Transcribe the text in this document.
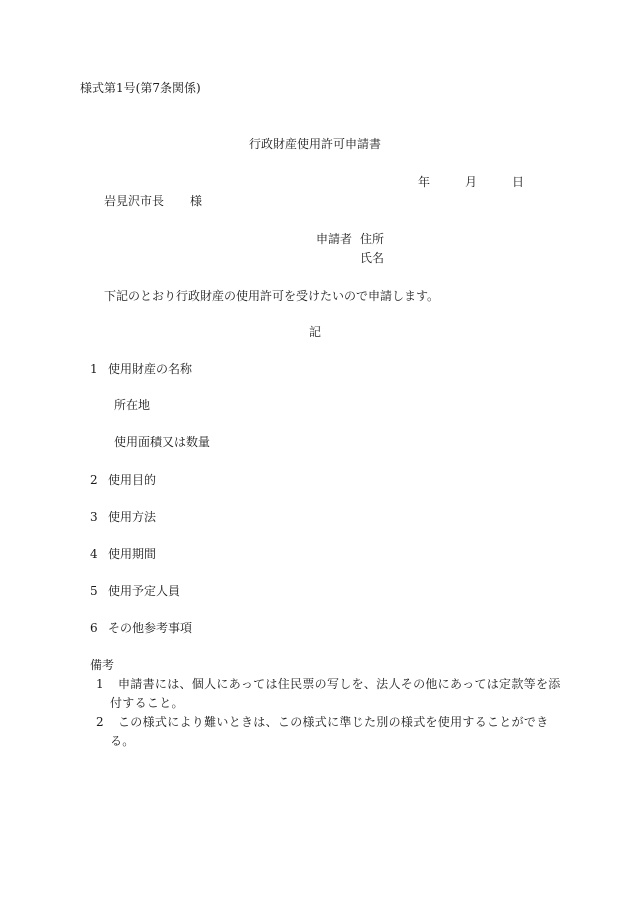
様式第1号(第7条関係)
行政財産使用許可申請書
年	月	日
岩見沢市長 様
申請者 住所
氏名
下記のとおり行政財産の使用許可を受けたいので申請します。
記
1 使用財産の名称
所在地
使用面積又は数量
2 使用目的
3 使用方法
4 使用期間
5 使用予定人員
6 その他参考事項
備考
1 申請書には、個人にあっては住民票の写しを、法人その他にあっては定款等を添付すること。
2 この様式により難いときは、この様式に準じた別の様式を使用することができる。
